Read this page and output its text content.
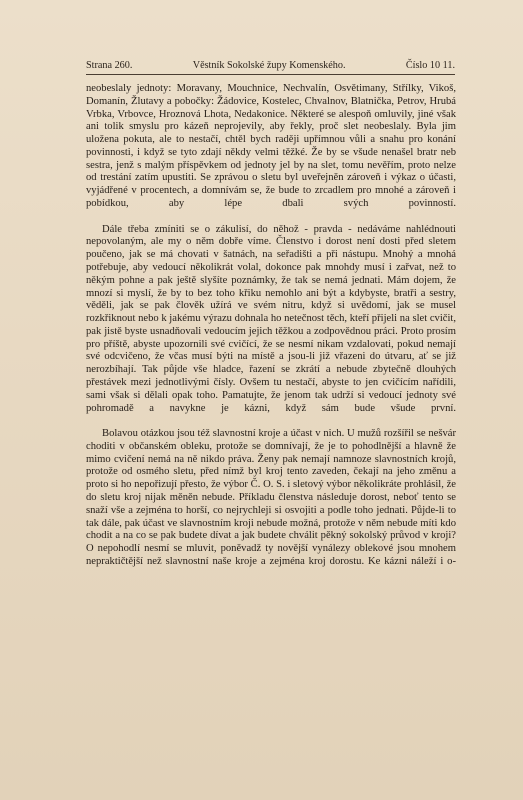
Strana 260.	Věstník Sokolské župy Komenského.	Číslo 10 11.

neobeslaly jednoty: Moravany, Mouchnice, Nechvalín, Osvětimany, Střílky, Vikoš, Domanín, Žlutavy a pobočky: Žádovice, Kostelec, Chvalnov, Blatnička, Petrov, Hrubá Vrbka, Vrbovce, Hroznová Lhota, Nedakonice. Některé se alespoň omluvily, jiné však ani tolik smyslu pro kázeň neprojevily, aby řekly, proč slet neobeslaly. Byla jim uložena pokuta, ale to nestačí, chtěl bych raději upřímnou vůli a snahu pro konání povinnosti, i když se tyto zdají někdy velmi těžké. Že by se všude nenašel bratr neb sestra, jenž s malým příspěvkem od jednoty jel by na slet, tomu nevěřím, proto nelze od trestání zatím upustiti. Se zprávou o sletu byl uveřejněn zároveň i výkaz o účasti, vyjádřené v procentech, a domnívám se, že bude to zrcadlem pro mnohé a zároveň i pobídkou, aby lépe dbali svých povinností.

Dále třeba zmíniti se o zákulisí, do něhož - pravda - nedáváme nahlédnouti nepovolaným, ale my o něm dobře víme. Členstvo i dorost není dosti před sletem poučeno, jak se má chovati v šatnách, na seřadišti a při nástupu. Mnohý a mnohá potřebuje, aby vedoucí několikrát volal, dokonce pak mnohdy musí i zařvat, než to někým pohne a pak ještě slyšíte poznámky, že tak se nemá jednati. Mám dojem, že mnozí si myslí, že by to bez toho křiku nemohlo ani být a kdybyste, bratři a sestry, věděli, jak se pak člověk užírá ve svém nitru, když si uvědomí, jak se musel rozkřiknout nebo k jakému výrazu dohnala ho netečnost těch, kteří přijeli na slet cvičit, pak jistě byste usnadňovali vedoucím jejich těžkou a zodpovědnou práci. Proto prosím pro příště, abyste upozornili své cvičící, že se nesmí nikam vzdalovati, pokud nemají své odcvičeno, že včas musí býti na místě a jsou-li již vřazeni do útvaru, ať se již nerozbíhají. Tak půjde vše hladce, řazení se zkrátí a nebude zbytečně dlouhých přestávek mezi jednotlivými čísly. Ovšem tu nestačí, abyste to jen cvičícím nařídili, sami však si dělali opak toho. Pamatujte, že jenom tak udrží si vedoucí jednoty své pohromadě a navykne je kázni, když sám bude všude první.

Bolavou otázkou jsou též slavnostní kroje a účast v nich. U mužů rozšířil se nešvár choditi v občanském obleku, protože se domnívají, že je to pohodlnější a hlavně že mimo cvičení nemá na ně nikdo práva. Ženy pak nemají namnoze slavnostních krojů, protože od osmého sletu, před nímž byl kroj tento zaveden, čekají na jeho změnu a proto si ho nepořizují přesto, že výbor Č. O. S. i sletový výbor několikráte prohlásil, že do sletu kroj nijak měněn nebude. Příkladu členstva následuje dorost, neboť tento se snaží vše a zejména to horší, co nejrychleji si osvojiti a podle toho jednati. Půjde-li to tak dále, pak účast ve slavnostním kroji nebude možná, protože v něm nebude míti kdo chodit a na co se pak budete dívat a jak budete chválit pěkný sokolský průvod v kroji? O nepohodlí nesmí se mluvit, poněvadž ty novější vynálezy oblekové jsou mnohem nepraktičtější než slavnostní naše kroje a zejména kroj dorostu. Ke kázni náleží i o-
